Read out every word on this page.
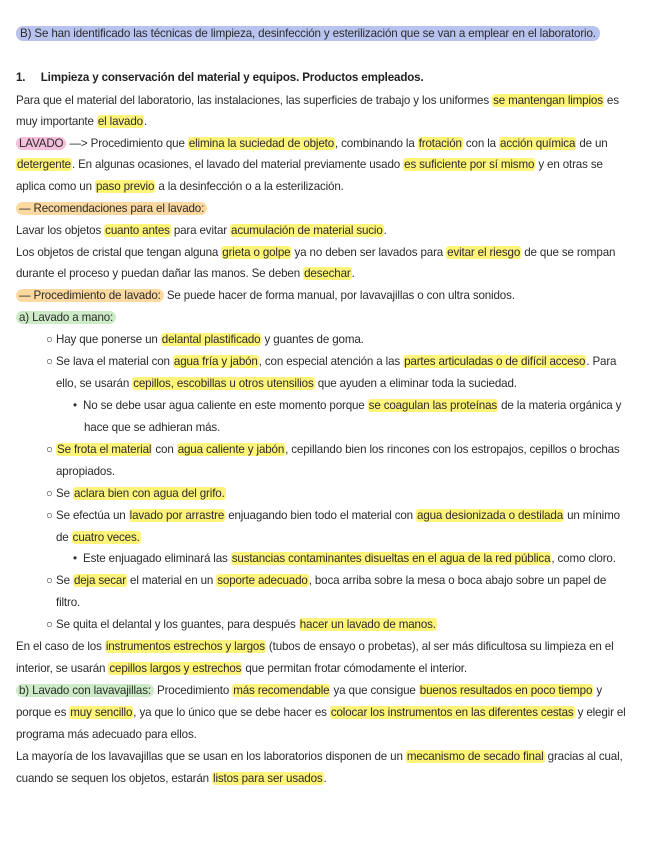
B) Se han identificado las técnicas de limpieza, desinfección y esterilización que se van a emplear en el laboratorio.
1. Limpieza y conservación del material y equipos. Productos empleados.
Para que el material del laboratorio, las instalaciones, las superficies de trabajo y los uniformes se mantengan limpios es
muy importante el lavado.
LAVADO —> Procedimiento que elimina la suciedad de objeto, combinando la frotación con la acción química de un
detergente. En algunas ocasiones, el lavado del material previamente usado es suficiente por sí mismo y en otras se
aplica como un paso previo a la desinfección o a la esterilización.
— Recomendaciones para el lavado:
Lavar los objetos cuanto antes para evitar acumulación de material sucio.
Los objetos de cristal que tengan alguna grieta o golpe ya no deben ser lavados para evitar el riesgo de que se rompan
durante el proceso y puedan dañar las manos. Se deben desechar.
— Procedimiento de lavado: Se puede hacer de forma manual, por lavavajillas o con ultra sonidos.
a) Lavado a mano:
○ Hay que ponerse un delantal plastificado y guantes de goma.
○ Se lava el material con agua fría y jabón, con especial atención a las partes articuladas o de difícil acceso. Para
ello, se usarán cepillos, escobillas u otros utensilios que ayuden a eliminar toda la suciedad.
• No se debe usar agua caliente en este momento porque se coagulan las proteínas de la materia orgánica y
hace que se adhieran más.
○ Se frota el material con agua caliente y jabón, cepillando bien los rincones con los estropajos, cepillos o brochas
apropiados.
○ Se aclara bien con agua del grifo.
○ Se efectúa un lavado por arrastre enjuagando bien todo el material con agua desionizada o destilada un mínimo
de cuatro veces.
• Este enjuagado eliminará las sustancias contaminantes disueltas en el agua de la red pública, como cloro.
○ Se deja secar el material en un soporte adecuado, boca arriba sobre la mesa o boca abajo sobre un papel de
filtro.
○ Se quita el delantal y los guantes, para después hacer un lavado de manos.
En el caso de los instrumentos estrechos y largos (tubos de ensayo o probetas), al ser más dificultosa su limpieza en el
interior, se usarán cepillos largos y estrechos que permitan frotar cómodamente el interior.
b) Lavado con lavavajillas: Procedimiento más recomendable ya que consigue buenos resultados en poco tiempo y
porque es muy sencillo, ya que lo único que se debe hacer es colocar los instrumentos en las diferentes cestas y elegir el
programa más adecuado para ellos.
La mayoría de los lavavajillas que se usan en los laboratorios disponen de un mecanismo de secado final gracias al cual,
cuando se sequen los objetos, estarán listos para ser usados.
